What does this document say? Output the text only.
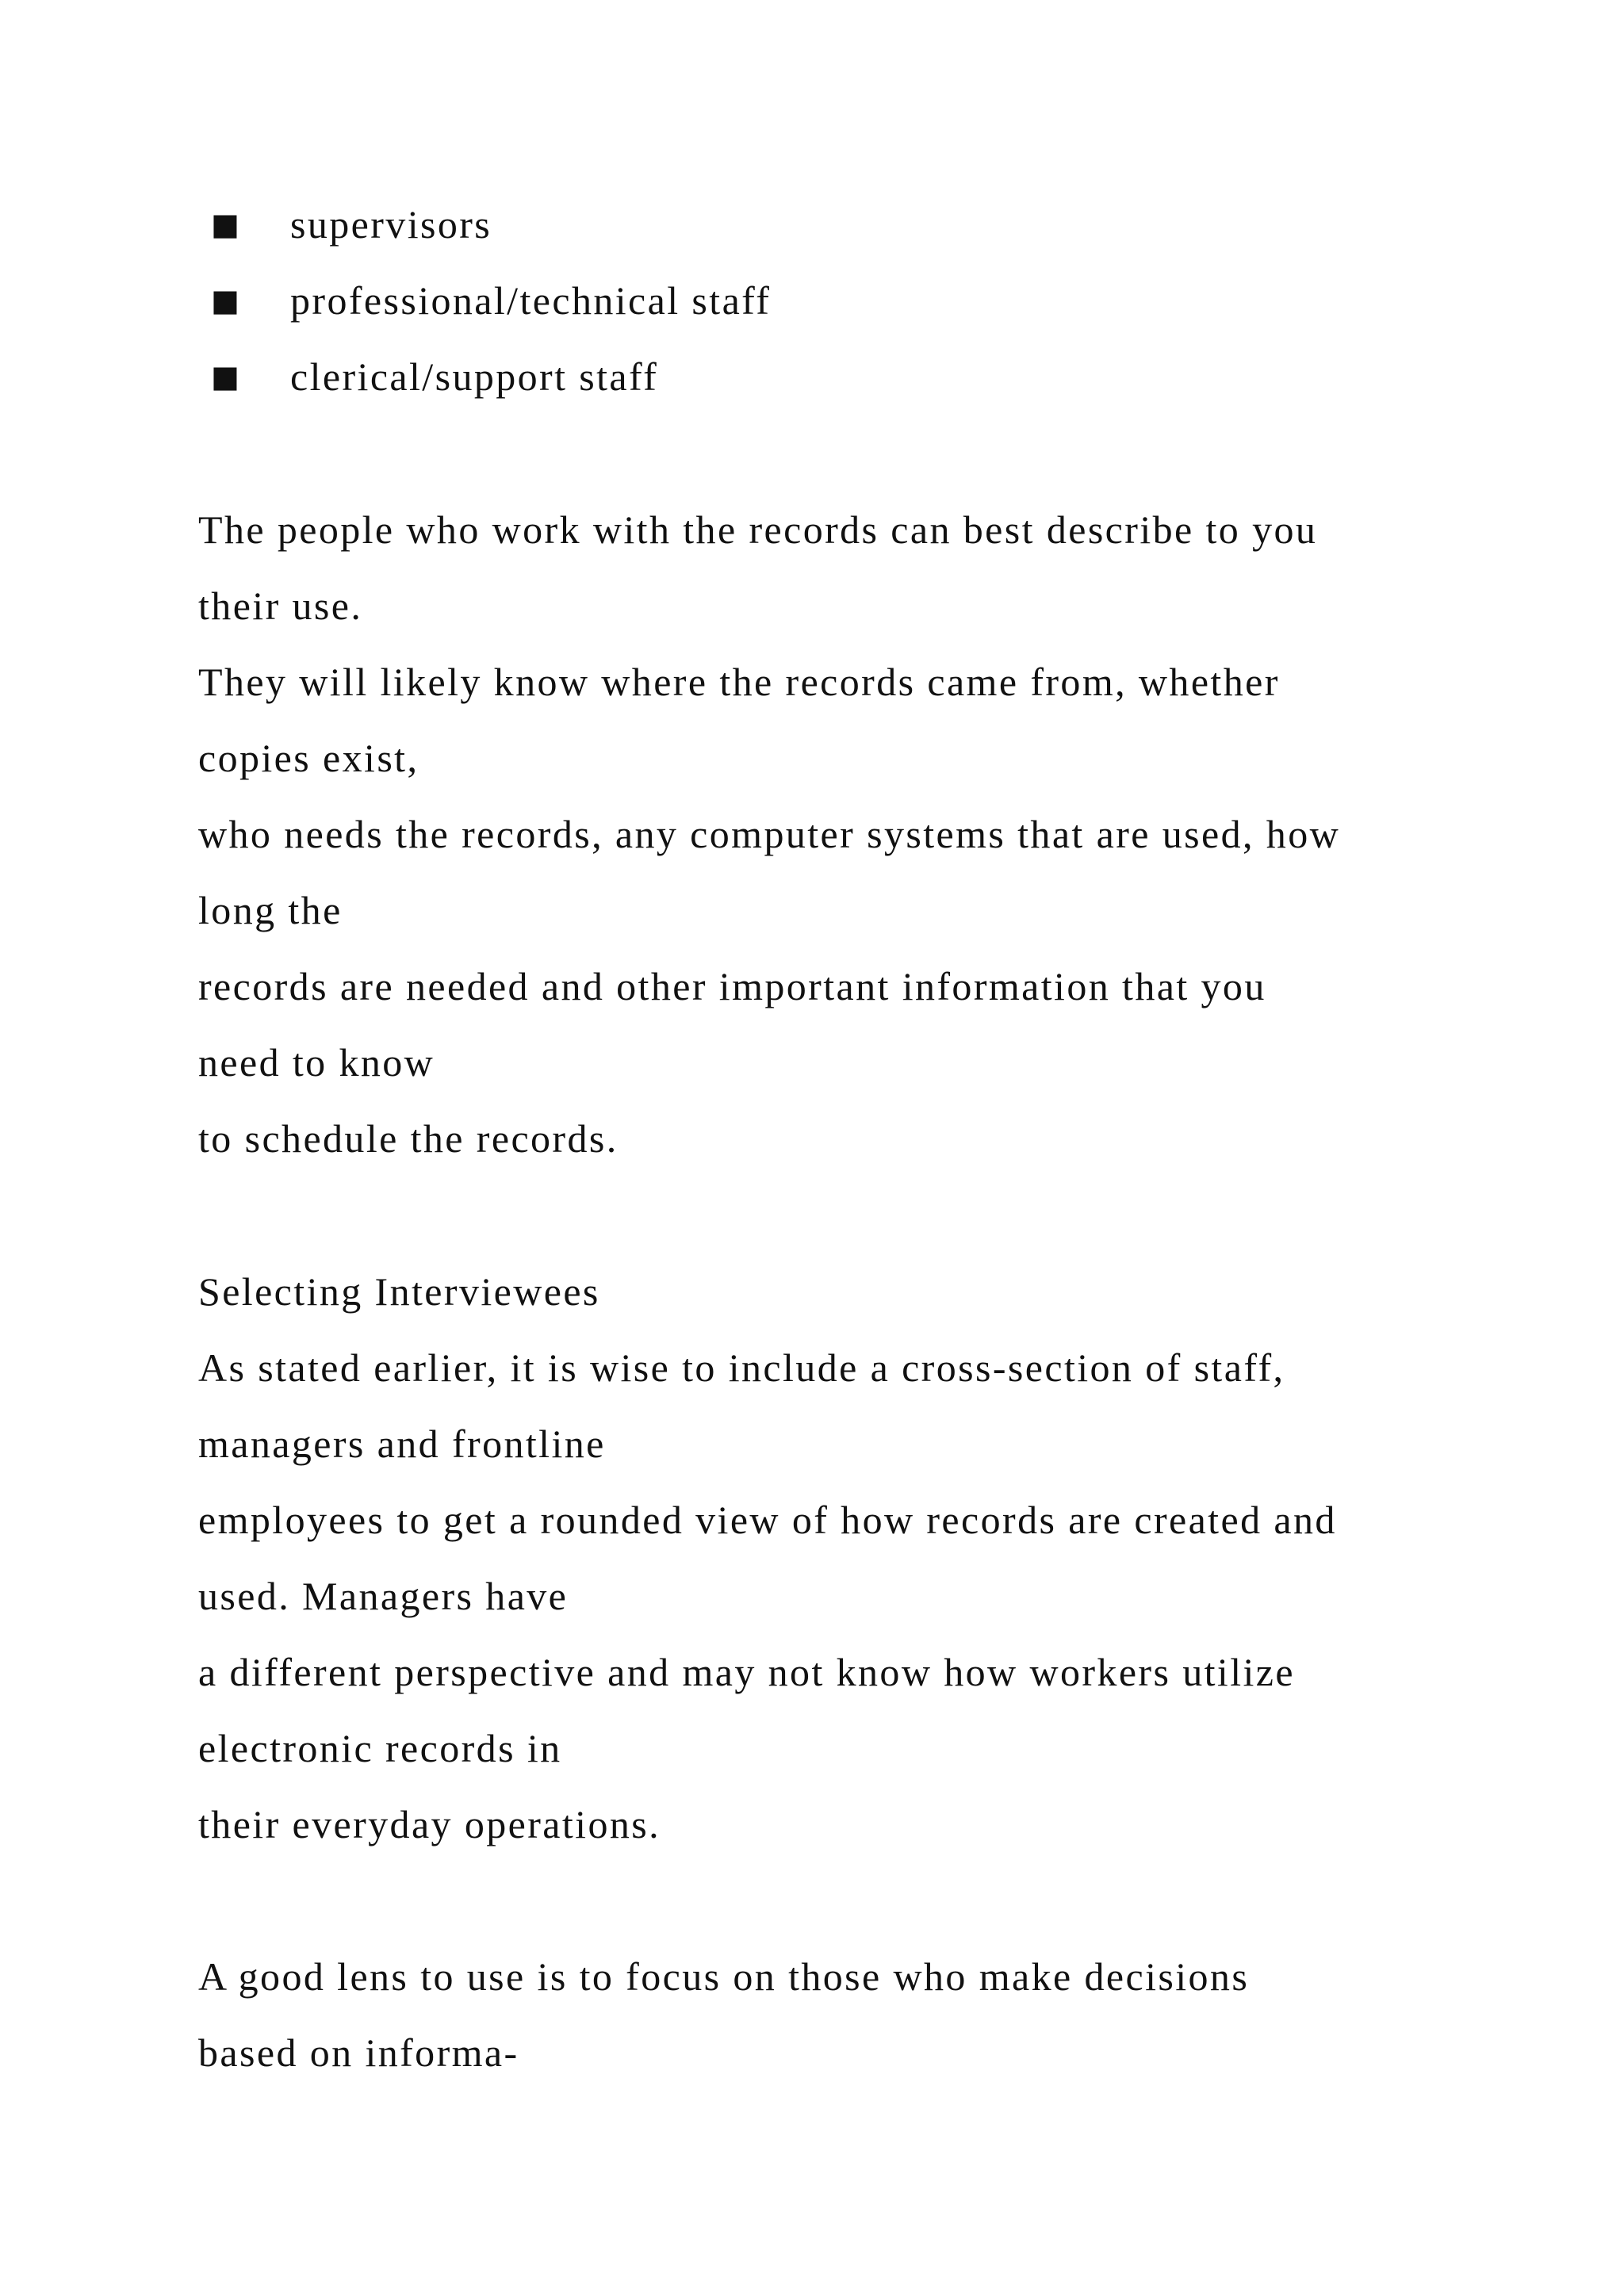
■ supervisors
■ professional/technical staff
■ clerical/support staff
The people who work with the records can best describe to you
their use.
They will likely know where the records came from, whether
copies exist,
who needs the records, any computer systems that are used, how
long the
records are needed and other important information that you
need to know
to schedule the records.
Selecting Interviewees
As stated earlier, it is wise to include a cross-section of staff,
managers and frontline
employees to get a rounded view of how records are created and
used. Managers have
a different perspective and may not know how workers utilize
electronic records in
their everyday operations.
A good lens to use is to focus on those who make decisions
based on informa-
